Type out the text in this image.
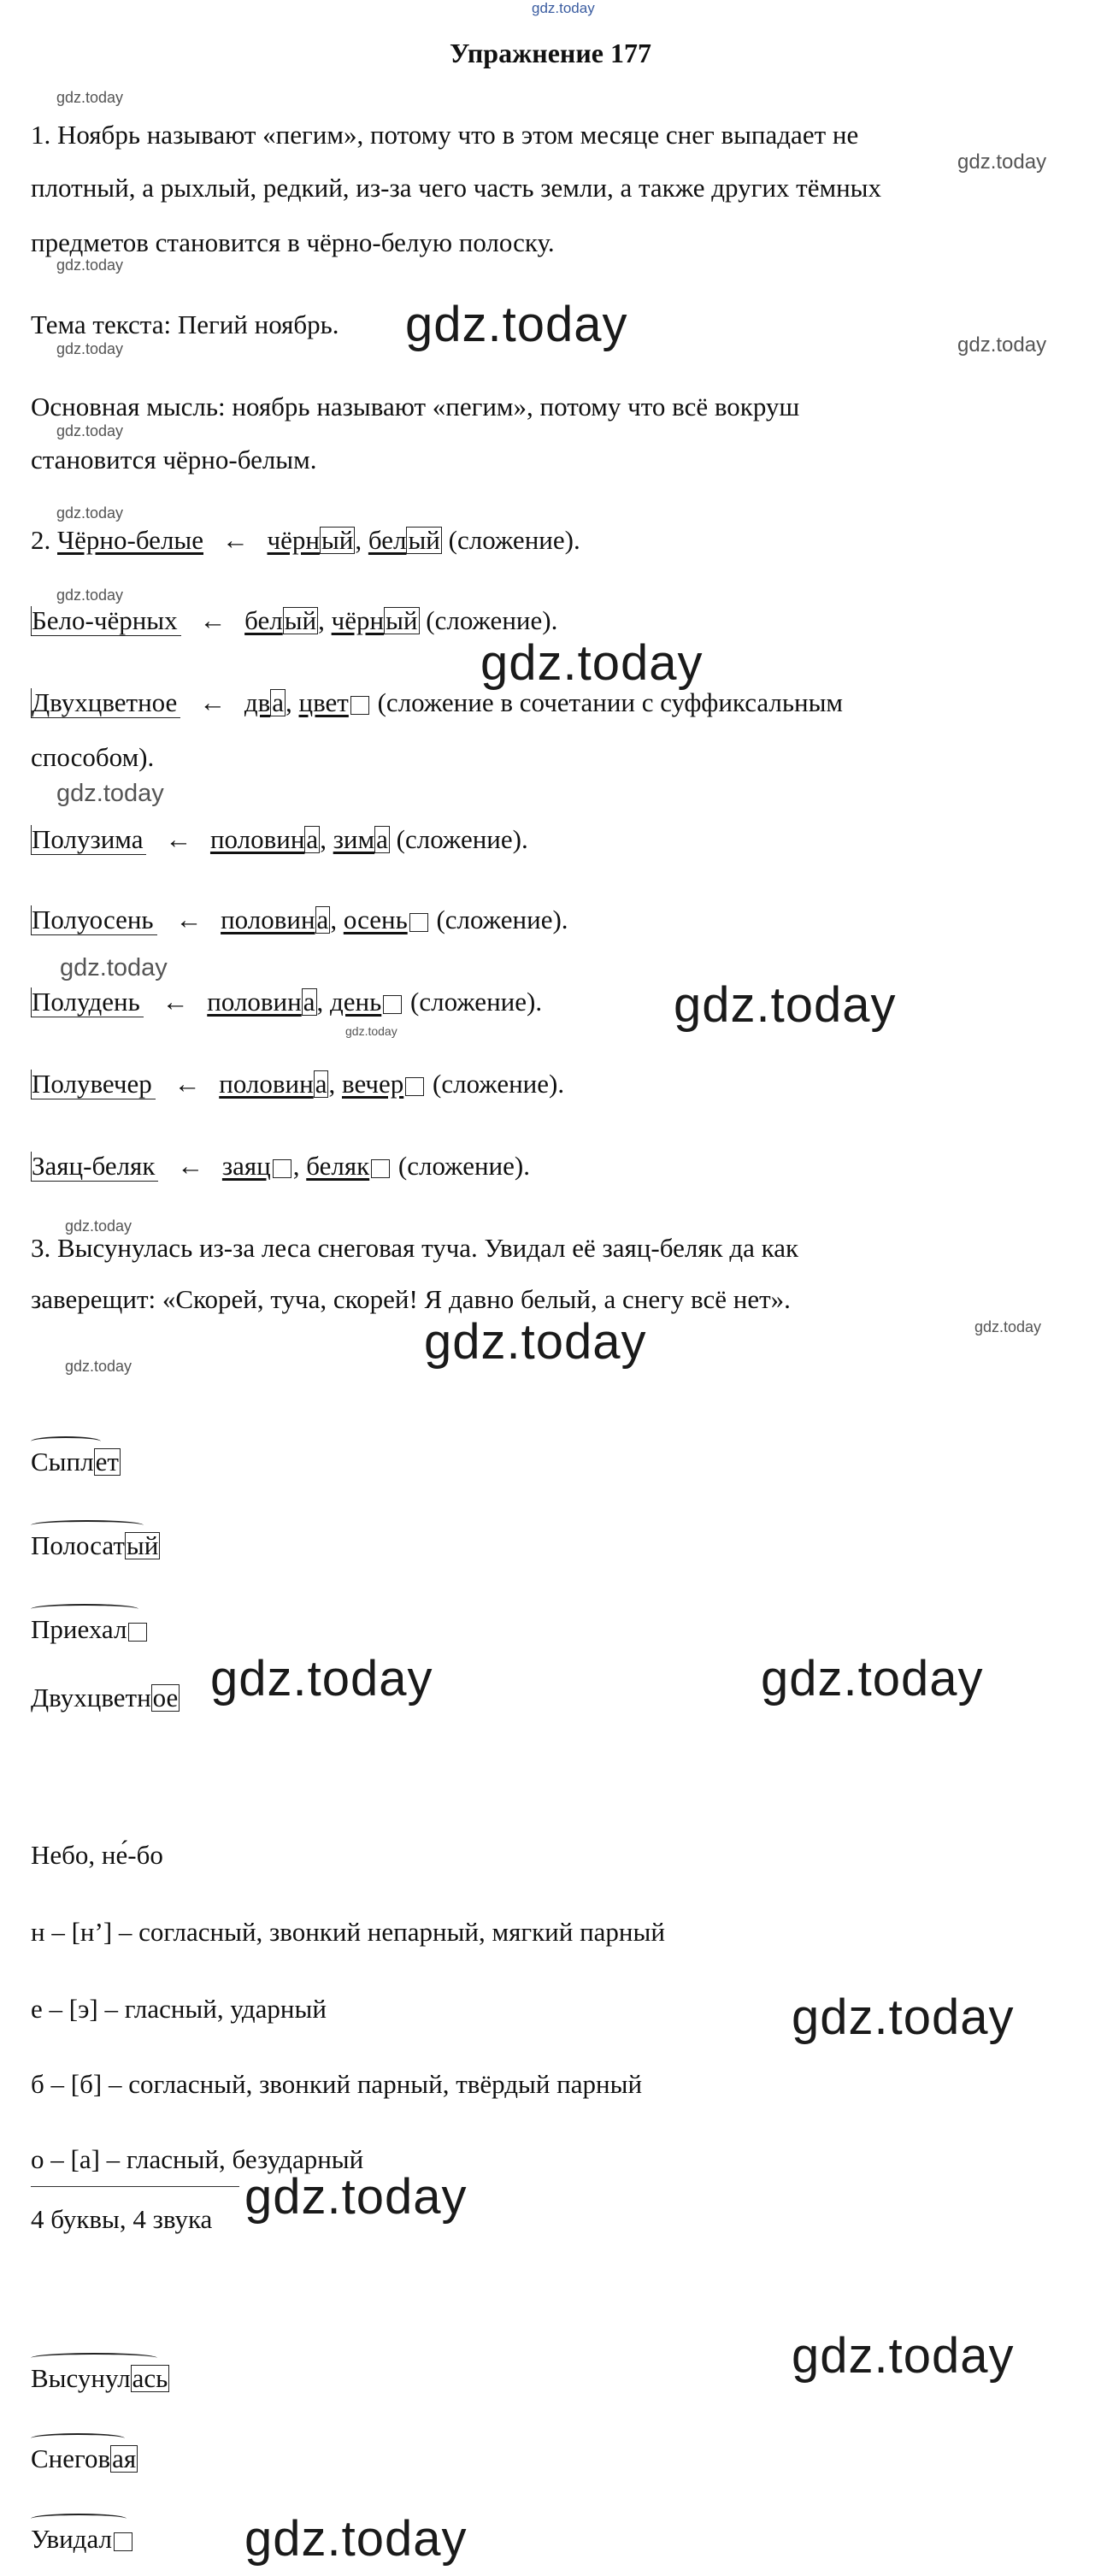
gdz.today
gdz.today
gdz.today
gdz.today
gdz.today	gdz.today
gdz.today
gdz.today
gdz.today
gdz.today
gdz.today
gdz.today
gdz.today
gdz.today
gdz.today
gdz.today
gdz.today
gdz.today
gdz.today
gdz.today	gdz.today
gdz.today
gdz.today
gdz.today
gdz.today
Упражнение 177
1. Ноябрь называют «пегим», потому что в этом месяце снег выпадает не
плотный, а рыхлый, редкий, из-за чего часть земли, а также других тёмных
предметов становится в чёрно-белую полоску.
Тема текста: Пегий ноябрь.
Основная мысль: ноябрь называют «пегим», потому что всё вокруш
становится чёрно-белым.
2. Чёрно-белые ← чёрный, белый (сложение).
Бело-чёрных ← белый, чёрный (сложение).
Двухцветное ← два, цвет (сложение в сочетании с суффиксальным
способом).
Полузима ← половина, зима (сложение).
Полуосень ← половина, осень (сложение).
Полудень ← половина, день (сложение).
Полувечер ← половина, вечер (сложение).
Заяц-беляк ← заяц , беляк (сложение).
3. Высунулась из-за леса снеговая туча. Увидал её заяц-беляк да как
заверещит: «Скорей, туча, скорей! Я давно белый, а снегу всё нет».
Сыплет
Полосатый
Приехал
Двухцветное
Небо, не́-бо
н – [н’] – согласный, звонкий непарный, мягкий парный
е – [э] – гласный, ударный
б – [б] – согласный, звонкий парный, твёрдый парный
о – [а] – гласный, безударный
4 буквы, 4 звука
Высунулась
Снеговая
Увидал
